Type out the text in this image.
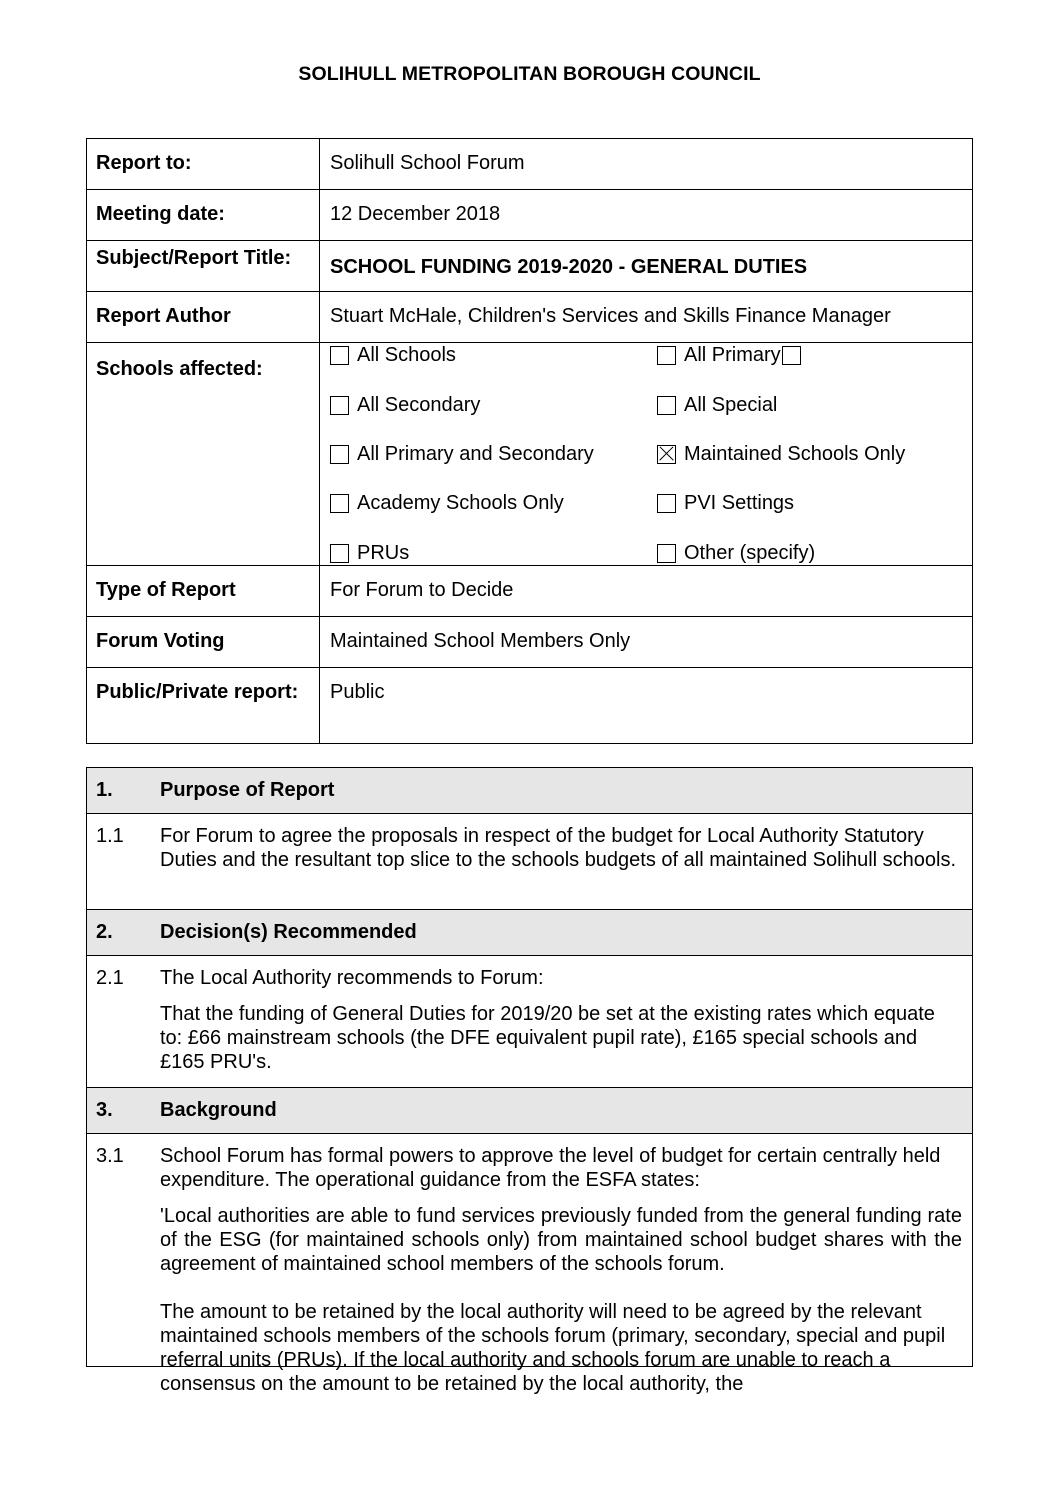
SOLIHULL METROPOLITAN BOROUGH COUNCIL
Report to:	Solihull School Forum
Meeting date:	12 December 2018
Subject/Report Title:	SCHOOL FUNDING 2019-2020 - GENERAL DUTIES
Report Author	Stuart McHale, Children's Services and Skills Finance Manager
Schools affected:
All Schools	All Primary
All Secondary	All Special
All Primary and Secondary	Maintained Schools Only
Academy Schools Only	PVI Settings
PRUs	Other (specify)
Type of Report	For Forum to Decide
Forum Voting	Maintained School Members Only
Public/Private report:	Public
1.	Purpose of Report
1.1	For Forum to agree the proposals in respect of the budget for Local Authority Statutory Duties and the resultant top slice to the schools budgets of all maintained Solihull schools.
2.	Decision(s) Recommended
2.1	The Local Authority recommends to Forum:

That the funding of General Duties for 2019/20 be set at the existing rates which equate to: £66 mainstream schools (the DFE equivalent pupil rate), £165 special schools and £165 PRU's.

3.	Background
3.1	School Forum has formal powers to approve the level of budget for certain centrally held expenditure. The operational guidance from the ESFA states:

'Local authorities are able to fund services previously funded from the general funding rate of the ESG (for maintained schools only) from maintained school budget shares with the agreement of maintained school members of the schools forum.

The amount to be retained by the local authority will need to be agreed by the relevant maintained schools members of the schools forum (primary, secondary, special and pupil referral units (PRUs). If the local authority and schools forum are unable to reach a consensus on the amount to be retained by the local authority, the
